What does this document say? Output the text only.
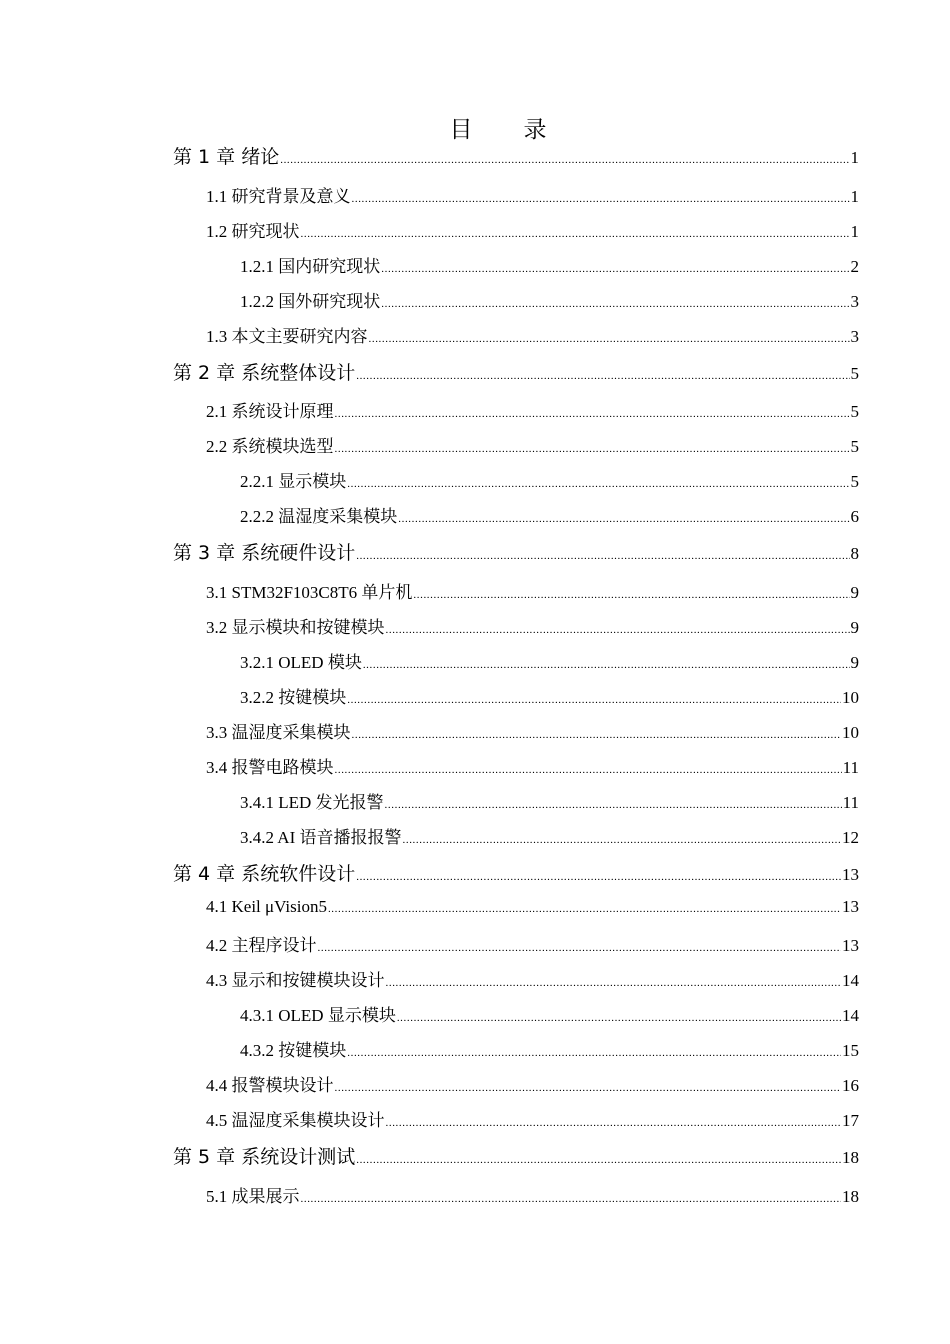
目　录
第 1 章 绪论 .....	1
1.1 研究背景及意义 .....	1
1.2 研究现状 .....	1
1.2.1 国内研究现状 .....	2
1.2.2 国外研究现状 .....	3
1.3 本文主要研究内容 .....	3
第 2 章 系统整体设计 .....	5
2.1 系统设计原理 .....	5
2.2 系统模块选型 .....	5
2.2.1 显示模块 .....	5
2.2.2 温湿度采集模块 .....	6
第 3 章 系统硬件设计 .....	8
3.1 STM32F103C8T6 单片机 .....	9
3.2 显示模块和按键模块 .....	9
3.2.1 OLED 模块 .....	9
3.2.2 按键模块 .....	10
3.3 温湿度采集模块 .....	10
3.4 报警电路模块 .....	11
3.4.1 LED 发光报警 .....	11
3.4.2 AI 语音播报报警 .....	12
第 4 章 系统软件设计 .....	13
4.1 Keil μVision5 .....	13
4.2 主程序设计 .....	13
4.3 显示和按键模块设计 .....	14
4.3.1 OLED 显示模块 .....	14
4.3.2 按键模块 .....	15
4.4 报警模块设计 .....	16
4.5 温湿度采集模块设计 .....	17
第 5 章 系统设计测试 .....	18
5.1 成果展示 .....	18
